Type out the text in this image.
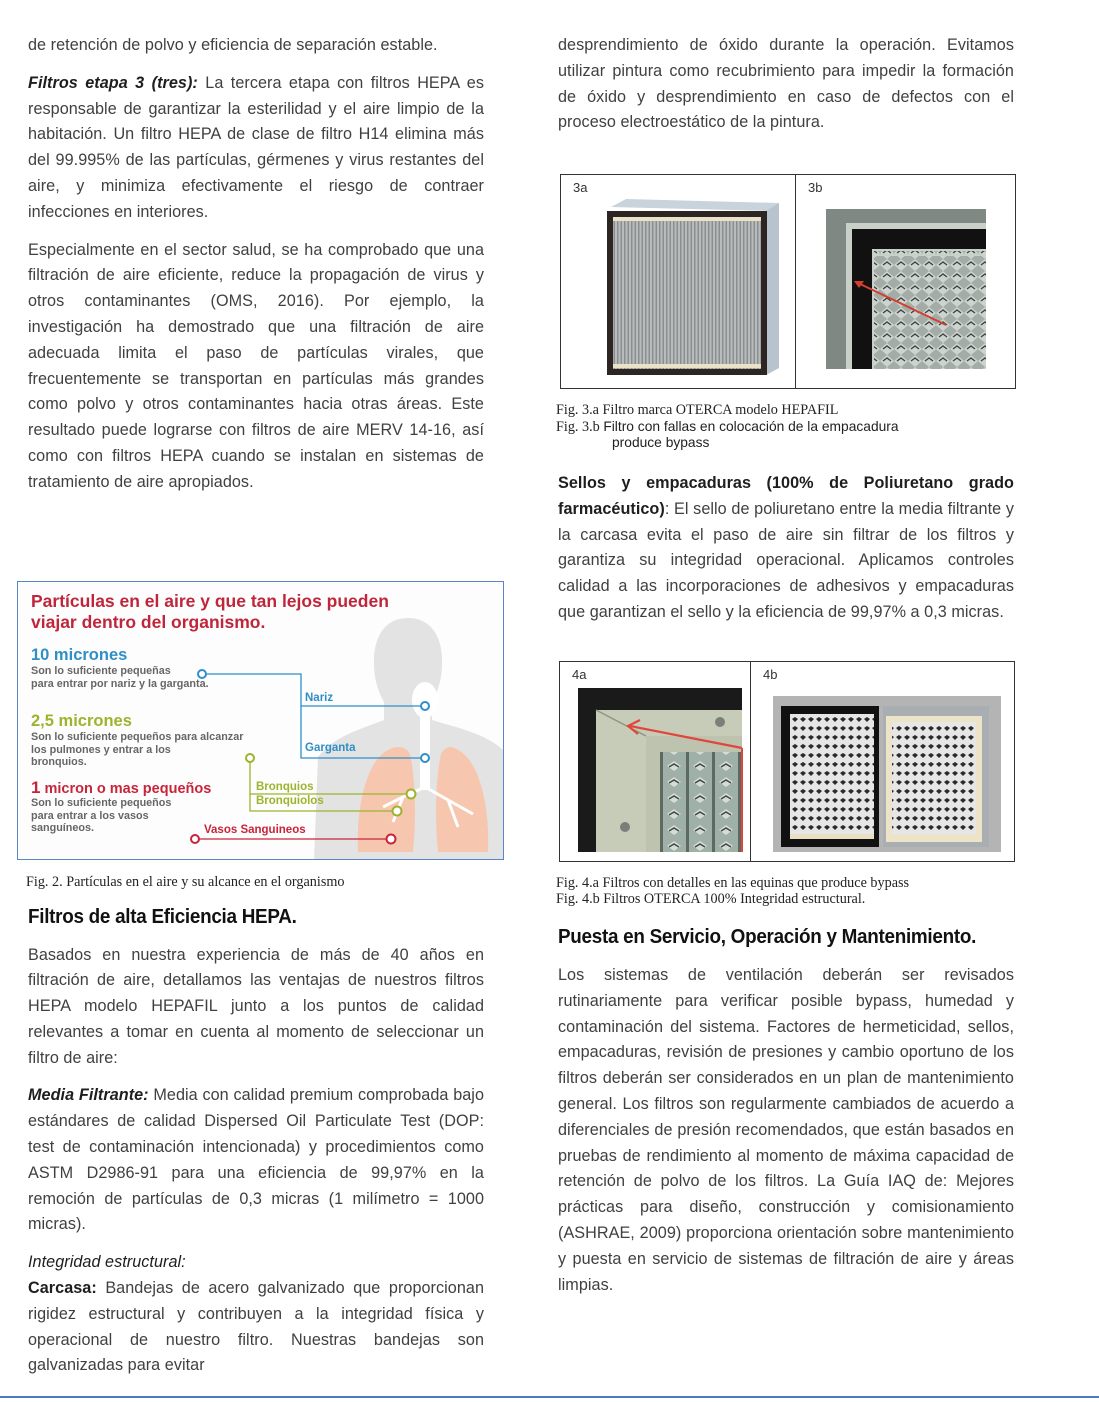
de retención de polvo y eficiencia de separación estable.

Filtros etapa 3 (tres): La tercera etapa con filtros HEPA es responsable de garantizar la esterilidad y el aire limpio de la habitación. Un filtro HEPA de clase de filtro H14 elimina más del 99.995% de las partículas, gérmenes y virus restantes del aire, y minimiza efectivamente el riesgo de contraer infecciones en interiores.

Especialmente en el sector salud, se ha comprobado que una filtración de aire eficiente, reduce la propagación de virus y otros contaminantes (OMS, 2016). Por ejemplo, la investigación ha demostrado que una filtración de aire adecuada limita el paso de partículas virales, que frecuentemente se transportan en partículas más grandes como polvo y otros contaminantes hacia otras áreas. Este resultado puede lograrse con filtros de aire MERV 14-16, así como con filtros HEPA cuando se instalan en sistemas de tratamiento de aire apropiados.

Partículas en el aire y que tan lejos pueden
viajar dentro del organismo.
10 micrones
Son lo suficiente pequeñas
para entrar por nariz y la garganta.
2,5 micrones
Son lo suficiente pequeños para alcanzar
los pulmones y entrar a los
bronquios.
1 micron o mas pequeños
Son lo suficiente pequeños
para entrar a los vasos
sanguíneos.
Nariz
Garganta
Bronquios
Bronquiolos
Vasos Sanguineos
Fig. 2. Partículas en el aire y su alcance en el organismo
Filtros de alta Eficiencia HEPA.

Basados en nuestra experiencia de más de 40 años en filtración de aire, detallamos las ventajas de nuestros filtros HEPA modelo HEPAFIL junto a los puntos de calidad relevantes a tomar en cuenta al momento de seleccionar un filtro de aire:

Media Filtrante: Media con calidad premium comprobada bajo estándares de calidad Dispersed Oil Particulate Test (DOP: test de contaminación intencionada) y procedimientos como ASTM D2986-91 para una eficiencia de 99,97% en la remoción de partículas de 0,3 micras (1 milímetro = 1000 micras).

Integridad estructural:

Carcasa: Bandejas de acero galvanizado que proporcionan rigidez estructural y contribuyen a la integridad física y operacional de nuestro filtro. Nuestras bandejas son galvanizadas para evitar

desprendimiento de óxido durante la operación. Evitamos utilizar pintura como recubrimiento para impedir la formación de óxido y desprendimiento en caso de defectos con el proceso electroestático de la pintura.

3a	3b
Fig. 3.a Filtro marca OTERCA modelo HEPAFIL
Fig. 3.b Filtro con fallas en colocación de la empacadura
produce bypass

Sellos y empacaduras (100% de Poliuretano grado farmacéutico): El sello de poliuretano entre la media filtrante y la carcasa evita el paso de aire sin filtrar de los filtros y garantiza su integridad operacional. Aplicamos controles calidad a las incorporaciones de adhesivos y empacaduras que garantizan el sello y la eficiencia de 99,97% a 0,3 micras.

4a	4b
Fig. 4.a Filtros con detalles en las equinas que produce bypass
Fig. 4.b Filtros OTERCA 100% Integridad estructural.
Puesta en Servicio, Operación y Mantenimiento.

Los sistemas de ventilación deberán ser revisados rutinariamente para verificar posible bypass, humedad y contaminación del sistema. Factores de hermeticidad, sellos, empacaduras, revisión de presiones y cambio oportuno de los filtros deberán ser considerados en un plan de mantenimiento general. Los filtros son regularmente cambiados de acuerdo a diferenciales de presión recomendados, que están basados en pruebas de rendimiento al momento de máxima capacidad de retención de polvo de los filtros. La Guía IAQ de: Mejores prácticas para diseño, construcción y comisionamiento (ASHRAE, 2009) proporciona orientación sobre mantenimiento y puesta en servicio de sistemas de filtración de aire y áreas limpias.
